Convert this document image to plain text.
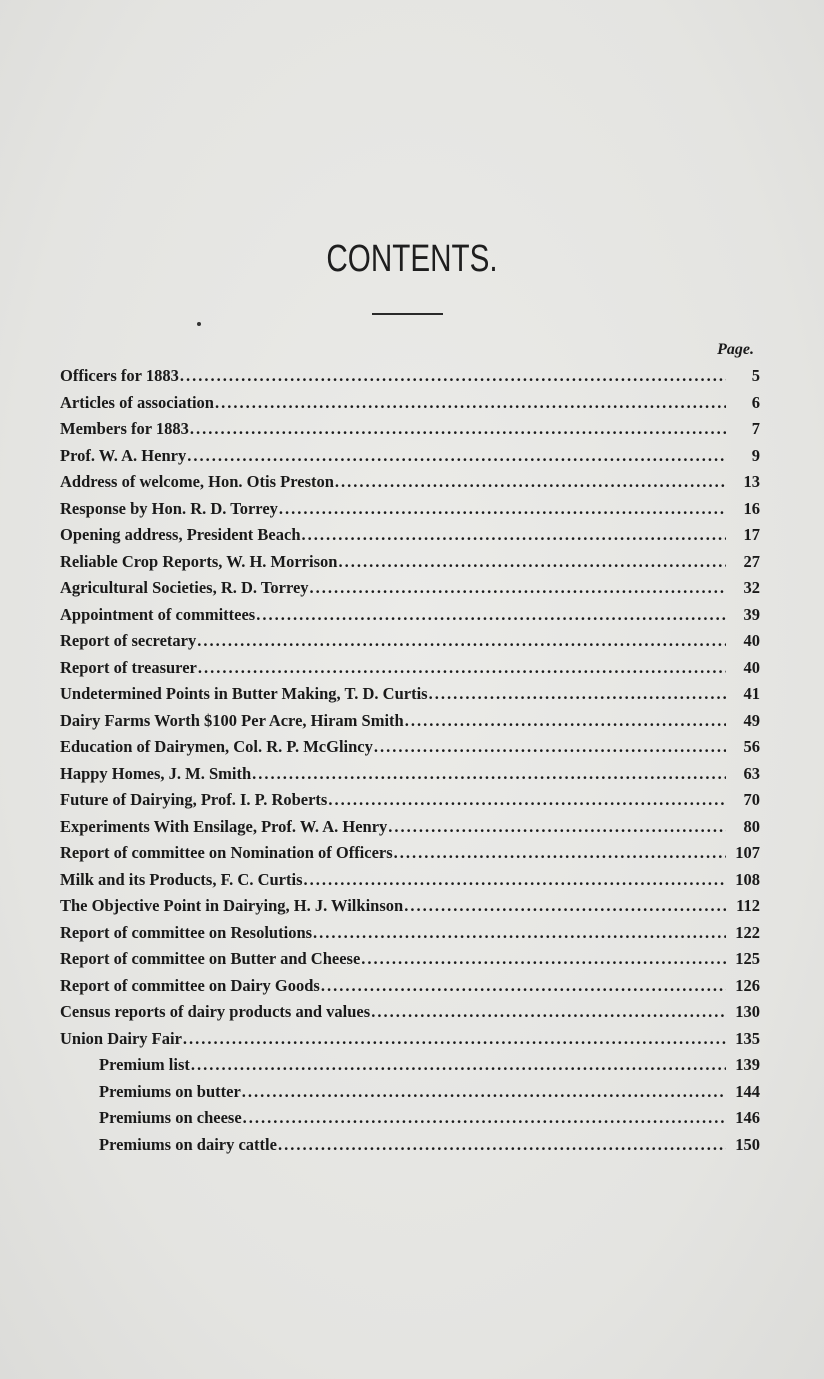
CONTENTS.
Page.
Officers for 1883 .....	5
Articles of association .....	6
Members for 1883 .....	7
Prof. W. A. Henry .....	9
Address of welcome, Hon. Otis Preston .....	13
Response by Hon. R. D. Torrey .....	16
Opening address, President Beach .....	17
Reliable Crop Reports, W. H. Morrison .....	27
Agricultural Societies, R. D. Torrey .....	32
Appointment of committees .....	39
Report of secretary .....	40
Report of treasurer .....	40
Undetermined Points in Butter Making, T. D. Curtis .....	41
Dairy Farms Worth $100 Per Acre, Hiram Smith .....	49
Education of Dairymen, Col. R. P. McGlincy .....	56
Happy Homes, J. M. Smith .....	63
Future of Dairying, Prof. I. P. Roberts .....	70
Experiments With Ensilage, Prof. W. A. Henry .....	80
Report of committee on Nomination of Officers .....	107
Milk and its Products, F. C. Curtis .....	108
The Objective Point in Dairying, H. J. Wilkinson .....	112
Report of committee on Resolutions .....	122
Report of committee on Butter and Cheese .....	125
Report of committee on Dairy Goods .....	126
Census reports of dairy products and values .....	130
Union Dairy Fair .....	135
Premium list .....	139
Premiums on butter .....	144
Premiums on cheese .....	146
Premiums on dairy cattle .....	150
